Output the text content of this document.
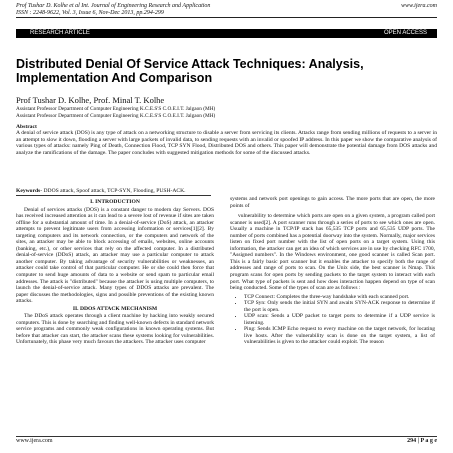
Prof Tushar D. Kolhe et al Int. Journal of Engineering Research and Application
ISSN : 2248-9622, Vol. 3, Issue 6, Nov-Dec 2013, pp.294-299
www.ijera.com
RESEARCH ARTICLE	OPEN ACCESS
Distributed Denial Of Service Attack Techniques: Analysis, Implementation And Comparison
Prof Tushar D. Kolhe, Prof. Minal T. Kolhe
Assistant Professor Department of Computer Engineering K.C.E.S'S C.O.E.I.T. Jalgaon (MH)
Assistant Professor Department of Computer Engineering K.C.E.S'S C.O.E.I.T. Jalgaon (MH)
Abstract
A denial of service attack (DOS) is any type of attack on a networking structure to disable a server from servicing its clients. Attacks range from sending millions of requests to a server in an attempt to slow it down, flooding a server with large packets of invalid data, to sending requests with an invalid or spoofed IP address. In this paper we show the comparative analysis of various types of attacks: namely Ping of Death, Connection Flood, TCP SYN Flood, Distributed DOS and others. This paper will demonstrate the potential damage from DOS attacks and analyze the ramifications of the damage. The paper concludes with suggested mitigation methods for some of the discussed attacks.
Keywords- DDOS attack, Spoof attack, TCP-SYN, Flooding, PUSH-ACK.
I. INTRODUCTION

Denial of services attacks (DOS) is a constant danger to modern day Servers. DOS has received increased attention as it can lead to a severe lost of revenue if sites are taken offline for a substantial amount of time. In a denial-of-service (DoS) attack, an attacker attempts to prevent legitimate users from accessing information or services[1][2]. By targeting computers and its network connection, or the computers and network of the sites, an attacker may be able to block accessing of emails, websites, online accounts (banking, etc.), or other services that rely on the affected computer. In a distributed denial-of-service (DDoS) attack, an attacker may use a particular computer to attack another computer. By taking advantage of security vulnerabilities or weaknesses, an attacker could take control of that particular computer. He or she could then force that computer to send huge amounts of data to a website or send spam to particular email addresses. The attack is "distributed" because the attacker is using multiple computers, to launch the denial-of-service attack. Many types of DDOS attacks are prevalent. The paper discusses the methodologies, signs and possible preventions of the existing known attacks.

II. DDOS ATTACK MECHANISM

The DDoS attack operates through a client machine by hacking into weakly secured computers. This is done by searching and finding well-known defects in standard network service programs and commonly weak configurations in known operating systems. But before that attacker can start, the attacker scans these systems looking for vulnerabilities. Unfortunately, this phase very much favours the attackers. The attacker uses computer

systems and network port openings to gain access. The more ports that are open, the more points of

vulnerability to determine which ports are open on a given system, a program called port scanner is used[2]. A port scanner runs through a series of ports to see which ones are open. Usually a machine in TCP/IP stack has 65,535 TCP ports and 65,535 UDP ports. The number of ports combined has a potential doorway into the system. Normally, major services listen on fixed port number with the list of open ports on a target system. Using this information, the attacker can get an idea of which services are in use by checking RFC 1700, "Assigned numbers". In the Windows environment, one good scanner is called Scan port. This is a fairly basic port scanner but it enables the attacker to specify both the range of addresses and range of ports to scan. On the Unix side, the best scanner is Nmap. This program scans for open ports by sending packets to the target system to interact with each port. What type of packets is sent and how does interaction happen depend on type of scan being conducted. Some of the types of scan are as follows :

• TCP Connect: Completes the three-way handshake with each scanned port.
• TCP Syn: Only sends the initial SYN and awaits SYN-ACK response to determine if the port is open.
• UDP scan: Sends a UDP packet to target ports to determine if a UDP service is listening.
• Ping: Sends ICMP Echo request to every machine on the target network, for locating live hosts. After the vulnerability scan is done on the target system, a list of vulnerabilities is given to the attacker could exploit. The reason
www.ijera.com	294 | P a g e
